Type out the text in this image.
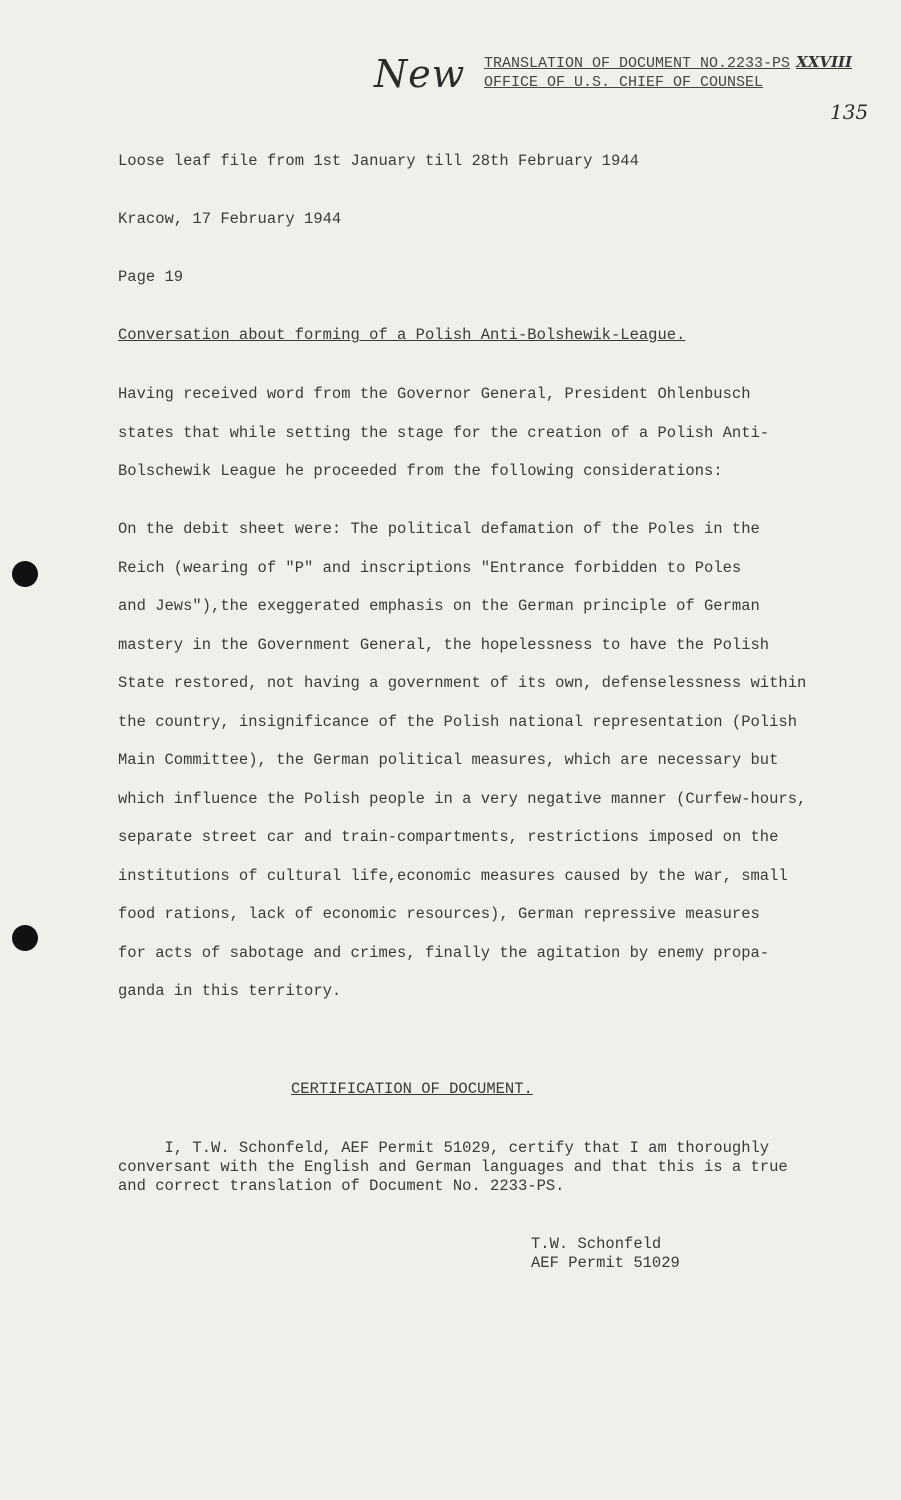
New
135
TRANSLATION OF DOCUMENT NO.2233-PS XXVIII
OFFICE OF U.S. CHIEF OF COUNSEL
Loose leaf file from 1st January till 28th February 1944
Kracow, 17 February 1944
Page 19
Conversation about forming of a Polish Anti-Bolshewik-League.
Having received word from the Governor General, President Ohlenbusch
states that while setting the stage for the creation of a Polish Anti-
Bolschewik League he proceeded from the following considerations:
On the debit sheet were: The political defamation of the Poles in the
Reich (wearing of "P" and inscriptions "Entrance forbidden to Poles
and Jews"),the exeggerated emphasis on the German principle of German
mastery in the Government General, the hopelessness to have the Polish
State restored, not having a government of its own, defenselessness within
the country, insignificance of the Polish national representation (Polish
Main Committee), the German political measures, which are necessary but
which influence the Polish people in a very negative manner (Curfew-hours,
separate street car and train-compartments, restrictions imposed on the
institutions of cultural life,economic measures caused by the war, small
food rations, lack of economic resources), German repressive measures
for acts of sabotage and crimes, finally the agitation by enemy propa-
ganda in this territory.
CERTIFICATION OF DOCUMENT.
I, T.W. Schonfeld, AEF Permit 51029, certify that I am thoroughly
conversant with the English and German languages and that this is a true
and correct translation of Document No. 2233-PS.
T.W. Schonfeld
AEF Permit 51029
